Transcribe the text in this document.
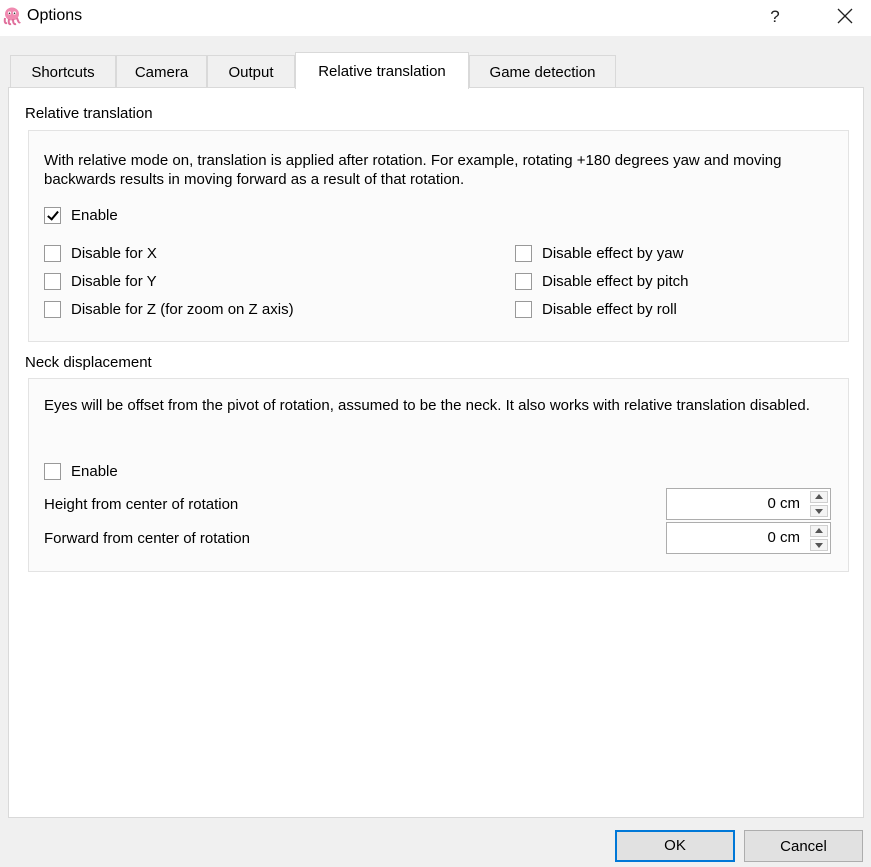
Options	?
Shortcuts	Camera	Output	Relative translation	Game detection
Relative translation
With relative mode on, translation is applied after rotation. For example, rotating +180 degrees yaw and moving backwards results in moving forward as a result of that rotation.
Enable
Disable for X
Disable for Y
Disable for Z (for zoom on Z axis)
Disable effect by yaw
Disable effect by pitch
Disable effect by roll
Neck displacement
Eyes will be offset from the pivot of rotation, assumed to be the neck. It also works with relative translation disabled.
Enable
Height from center of rotation	0 cm
Forward from center of rotation	0 cm
OK	Cancel
